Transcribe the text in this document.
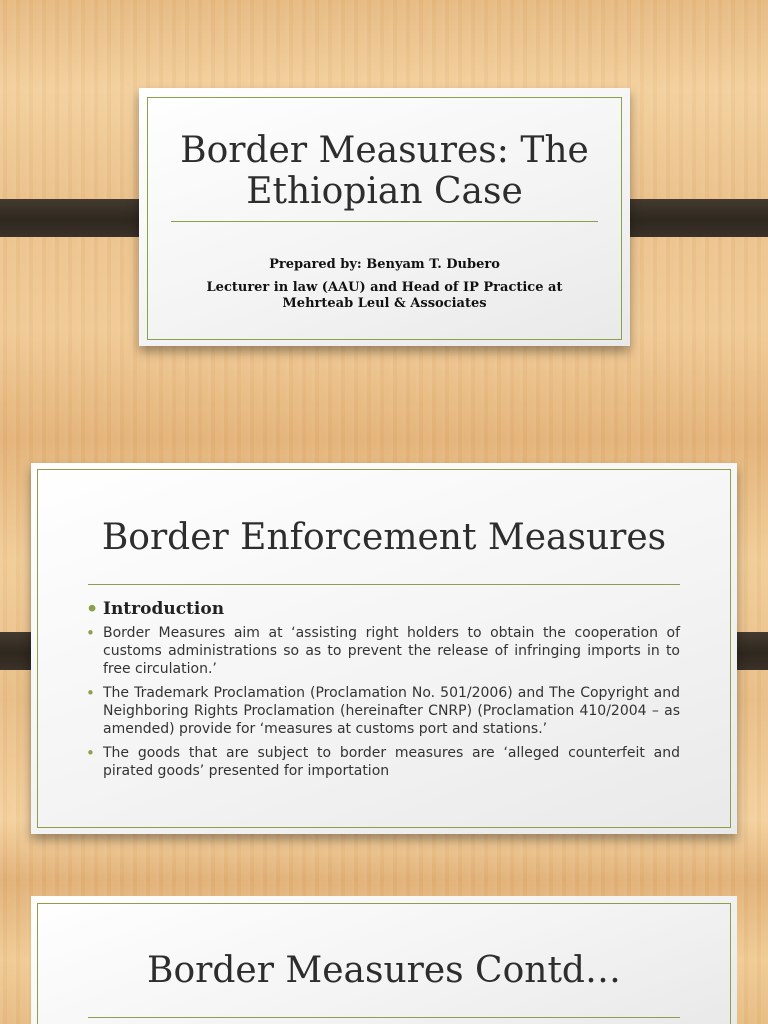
Border Measures: The
Ethiopian Case
Prepared by: Benyam T. Dubero
Lecturer in law (AAU) and Head of IP Practice at
Mehrteab Leul & Associates
Border Enforcement Measures
• Introduction
• Border Measures aim at ‘assisting right holders to obtain the cooperation of customs administrations so as to prevent the release of infringing imports in to free circulation.’
• The Trademark Proclamation (Proclamation No. 501/2006) and The Copyright and Neighboring Rights Proclamation (hereinafter CNRP) (Proclamation 410/2004 – as amended) provide for ‘measures at customs port and stations.’
• The goods that are subject to border measures are ‘alleged counterfeit and pirated goods’ presented for importation
Border Measures Contd…
